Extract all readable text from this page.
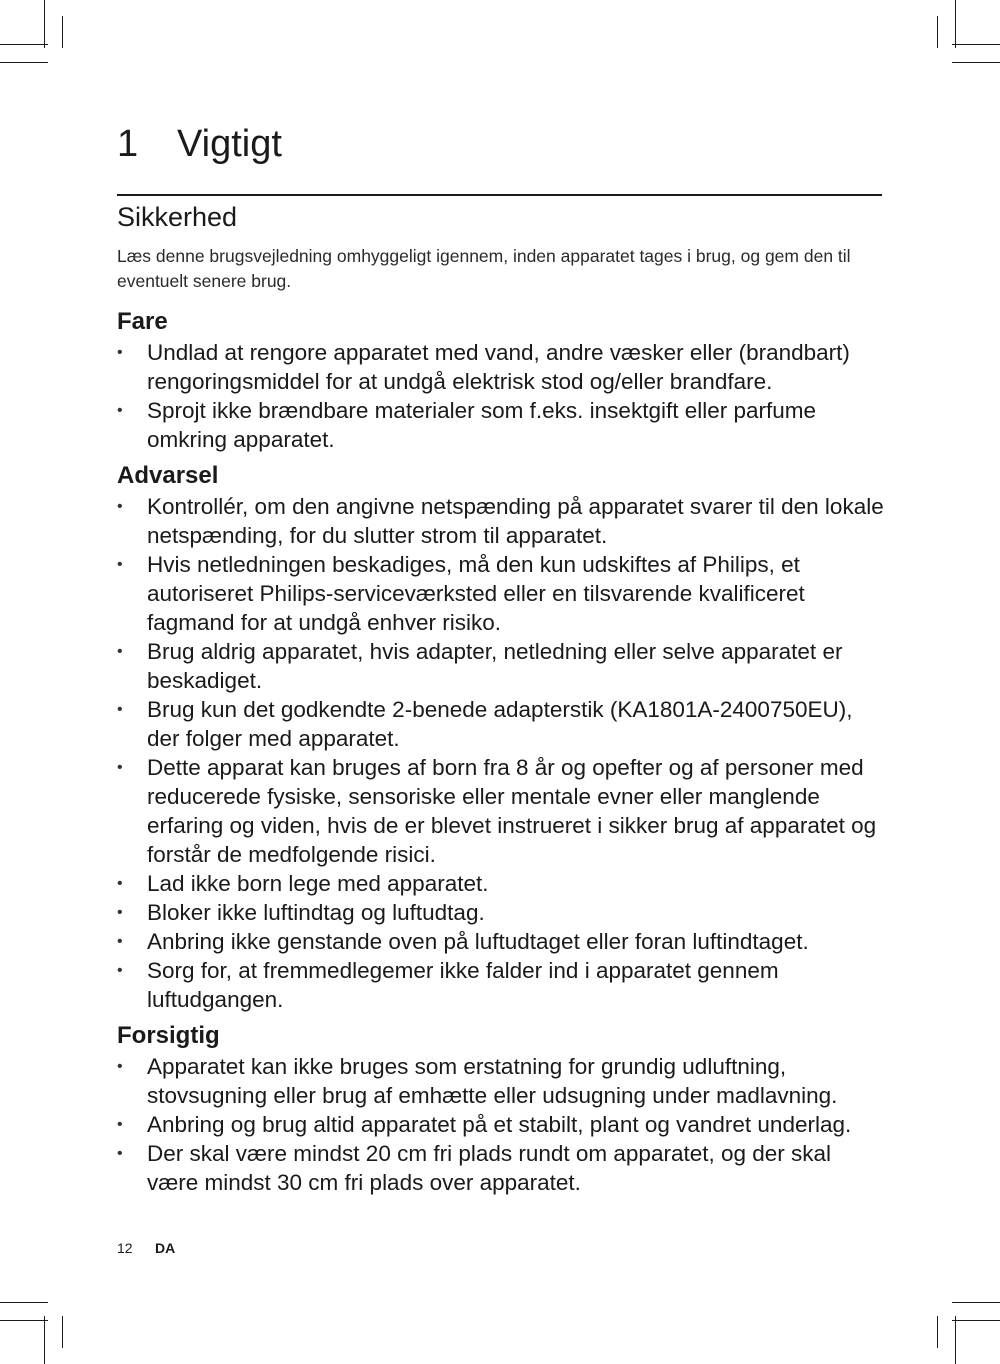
1 Vigtigt
Sikkerhed
Læs denne brugsvejledning omhyggeligt igennem, inden apparatet tages i brug, og gem den til eventuelt senere brug.
Fare
• Undlad at rengore apparatet med vand, andre væsker eller (brandbart) rengoringsmiddel for at undgå elektrisk stod og/eller brandfare.
• Sprojt ikke brændbare materialer som f.eks. insektgift eller parfume omkring apparatet.
Advarsel
• Kontrollér, om den angivne netspænding på apparatet svarer til den lokale netspænding, for du slutter strom til apparatet.
• Hvis netledningen beskadiges, må den kun udskiftes af Philips, et autoriseret Philips-serviceværksted eller en tilsvarende kvalificeret fagmand for at undgå enhver risiko.
• Brug aldrig apparatet, hvis adapter, netledning eller selve apparatet er beskadiget.
• Brug kun det godkendte 2-benede adapterstik (KA1801A-2400750EU), der folger med apparatet.
• Dette apparat kan bruges af born fra 8 år og opefter og af personer med reducerede fysiske, sensoriske eller mentale evner eller manglende erfaring og viden, hvis de er blevet instrueret i sikker brug af apparatet og forstår de medfolgende risici.
• Lad ikke born lege med apparatet.
• Bloker ikke luftindtag og luftudtag.
• Anbring ikke genstande oven på luftudtaget eller foran luftindtaget.
• Sorg for, at fremmedlegemer ikke falder ind i apparatet gennem luftudgangen.
Forsigtig
• Apparatet kan ikke bruges som erstatning for grundig udluftning, stovsugning eller brug af emhætte eller udsugning under madlavning.
• Anbring og brug altid apparatet på et stabilt, plant og vandret underlag.
• Der skal være mindst 20 cm fri plads rundt om apparatet, og der skal være mindst 30 cm fri plads over apparatet.
12 DA
